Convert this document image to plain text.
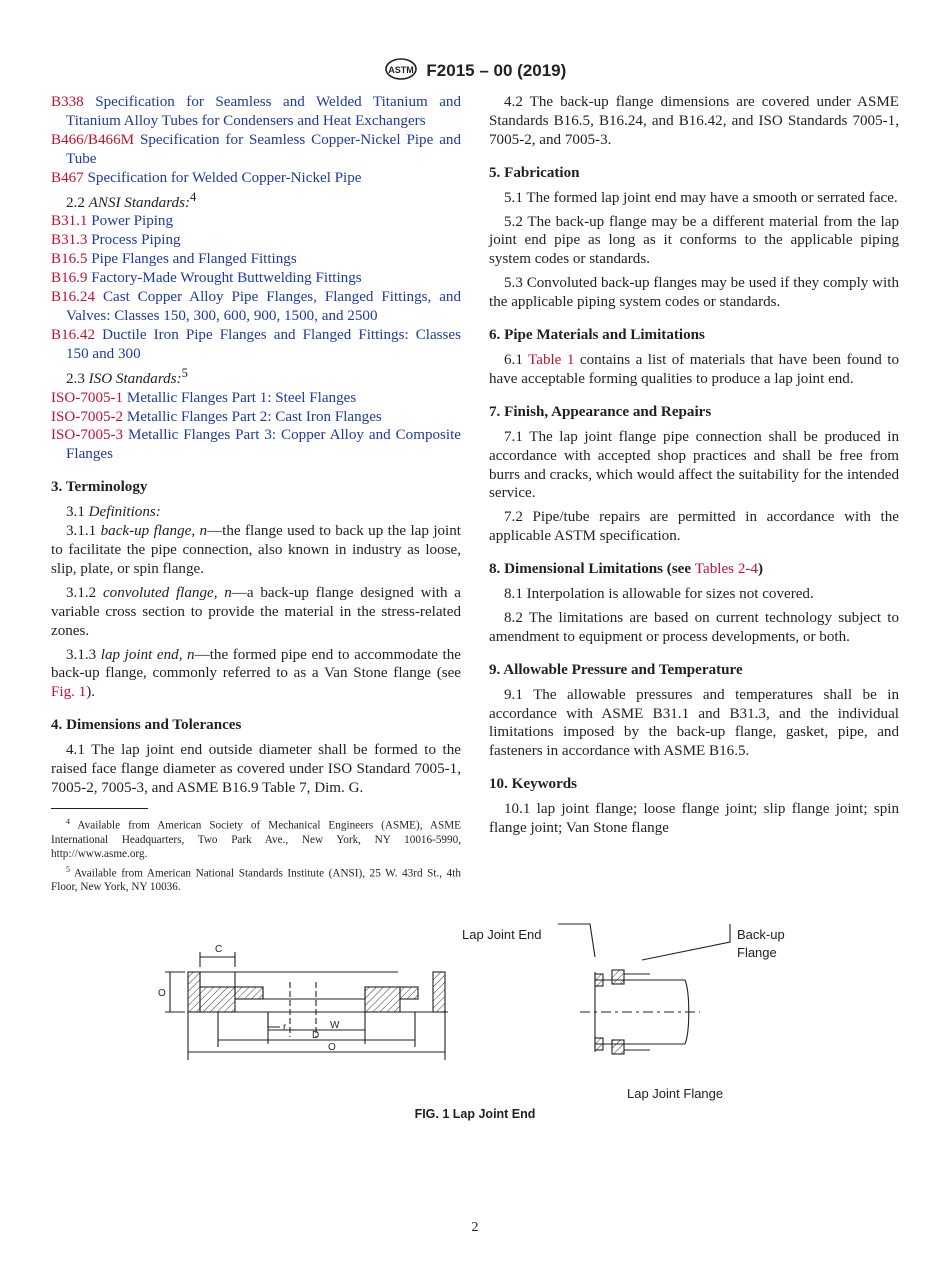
ASTM F2015 – 00 (2019)

B338 Specification for Seamless and Welded Titanium and Titanium Alloy Tubes for Condensers and Heat Exchangers

B466/B466M Specification for Seamless Copper-Nickel Pipe and Tube

B467 Specification for Welded Copper-Nickel Pipe

2.2 ANSI Standards:$^4$

B31.1 Power Piping

B31.3 Process Piping

B16.5 Pipe Flanges and Flanged Fittings

B16.9 Factory-Made Wrought Buttwelding Fittings

B16.24 Cast Copper Alloy Pipe Flanges, Flanged Fittings, and Valves: Classes 150, 300, 600, 900, 1500, and 2500

B16.42 Ductile Iron Pipe Flanges and Flanged Fittings: Classes 150 and 300

2.3 ISO Standards:$^5$

ISO-7005-1 Metallic Flanges Part 1: Steel Flanges

ISO-7005-2 Metallic Flanges Part 2: Cast Iron Flanges

ISO-7005-3 Metallic Flanges Part 3: Copper Alloy and Composite Flanges

3. Terminology

3.1 Definitions:

3.1.1 back-up flange, n—the flange used to back up the lap joint to facilitate the pipe connection, also known in industry as loose, slip, plate, or spin flange.

3.1.2 convoluted flange, n—a back-up flange designed with a variable cross section to provide the material in the stress-related zones.

3.1.3 lap joint end, n—the formed pipe end to accommodate the back-up flange, commonly referred to as a Van Stone flange (see Fig. 1).

4. Dimensions and Tolerances

4.1 The lap joint end outside diameter shall be formed to the raised face flange diameter as covered under ISO Standard 7005-1, 7005-2, 7005-3, and ASME B16.9 Table 7, Dim. G.

$^4$ Available from American Society of Mechanical Engineers (ASME), ASME International Headquarters, Two Park Ave., New York, NY 10016-5990, http://www.asme.org.

$^5$ Available from American National Standards Institute (ANSI), 25 W. 43rd St., 4th Floor, New York, NY 10036.

4.2 The back-up flange dimensions are covered under ASME Standards B16.5, B16.24, and B16.42, and ISO Standards 7005-1, 7005-2, and 7005-3.

5. Fabrication

5.1 The formed lap joint end may have a smooth or serrated face.

5.2 The back-up flange may be a different material from the lap joint end pipe as long as it conforms to the applicable piping system codes or standards.

5.3 Convoluted back-up flanges may be used if they comply with the applicable piping system codes or standards.

6. Pipe Materials and Limitations

6.1 Table 1 contains a list of materials that have been found to have acceptable forming qualities to produce a lap joint end.

7. Finish, Appearance and Repairs

7.1 The lap joint flange pipe connection shall be produced in accordance with accepted shop practices and shall be free from burrs and cracks, which would affect the suitability for the intended service.

7.2 Pipe/tube repairs are permitted in accordance with the applicable ASTM specification.

8. Dimensional Limitations (see Tables 2-4)

8.1 Interpolation is allowable for sizes not covered.

8.2 The limitations are based on current technology subject to amendment to equipment or process developments, or both.

9. Allowable Pressure and Temperature

9.1 The allowable pressures and temperatures shall be in accordance with ASME B31.1 and B31.3, and the individual limitations imposed by the back-up flange, gasket, pipe, and fasteners in accordance with ASME B16.5.

10. Keywords

10.1 lap joint flange; loose flange joint; slip flange joint; spin flange joint; Van Stone flange

C
O
r	W
D
O
Lap Joint End	Back-up
Flange
Lap Joint Flange
FIG. 1 Lap Joint End
2
